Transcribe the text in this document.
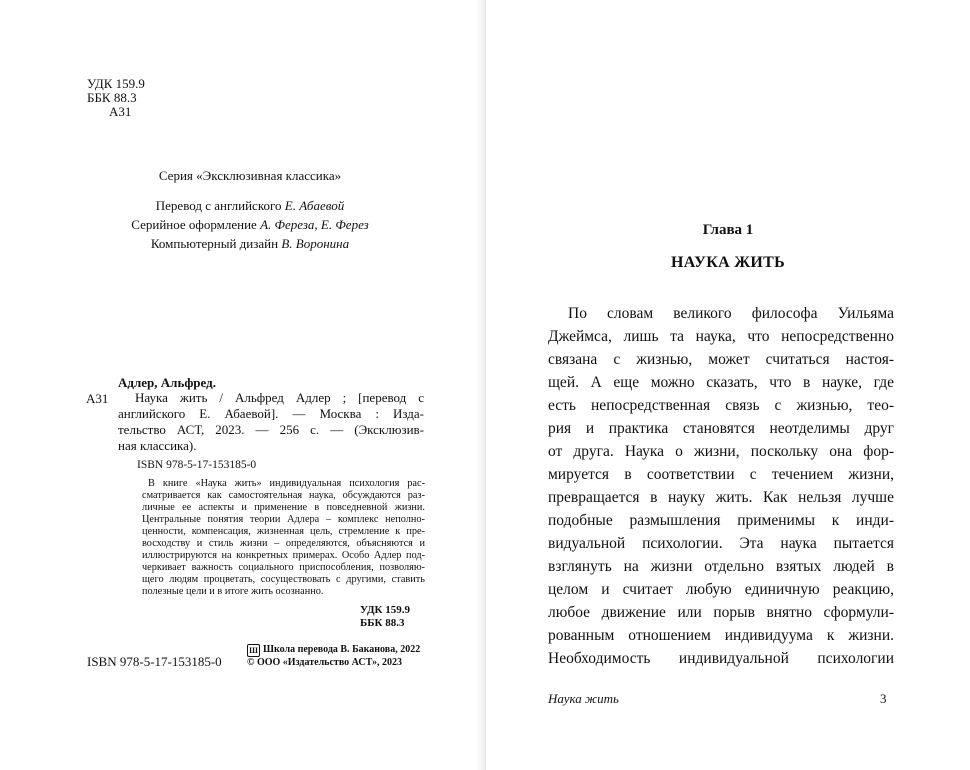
УДК 159.9
ББК 88.3
А31
Серия «Эксклюзивная классика»
Перевод с английского Е. Абаевой
Серийное оформление А. Фереза, Е. Ферез
Компьютерный дизайн В. Воронина
Адлер, Альфред.
А31 Наука жить / Альфред Адлер ; [перевод с
английского Е. Абаевой]. — Москва : Изда-
тельство АСТ, 2023. — 256 с. — (Эксклюзив-
ная классика).
ISBN 978-5-17-153185-0
В книге «Наука жить» индивидуальная психология рас-
сматривается как самостоятельная наука, обсуждаются раз-
личные ее аспекты и применение в повседневной жизни.
Центральные понятия теории Адлера – комплекс неполно-
ценности, компенсация, жизненная цель, стремление к пре-
восходству и стиль жизни – определяются, объясняются и
иллюстрируются на конкретных примерах. Особо Адлер под-
черкивает важность социального приспособления, позволяю-
щего людям процветать, сосуществовать с другими, ставить
полезные цели и в итоге жить осознанно.
УДК 159.9
ББК 88.3
ISBN 978-5-17-153185-0
Ш Школа перевода В. Баканова, 2022
© ООО «Издательство АСТ», 2023
Глава 1
НАУКА ЖИТЬ
По словам великого философа Уильяма
Джеймса, лишь та наука, что непосредственно
связана с жизнью, может считаться настоя-
щей. А еще можно сказать, что в науке, где
есть непосредственная связь с жизнью, тео-
рия и практика становятся неотделимы друг
от друга. Наука о жизни, поскольку она фор-
мируется в соответствии с течением жизни,
превращается в науку жить. Как нельзя лучше
подобные размышления применимы к инди-
видуальной психологии. Эта наука пытается
взглянуть на жизни отдельно взятых людей в
целом и считает любую единичную реакцию,
любое движение или порыв внятно сформули-
рованным отношением индивидуума к жизни.
Необходимость индивидуальной психологии
Наука жить	3
